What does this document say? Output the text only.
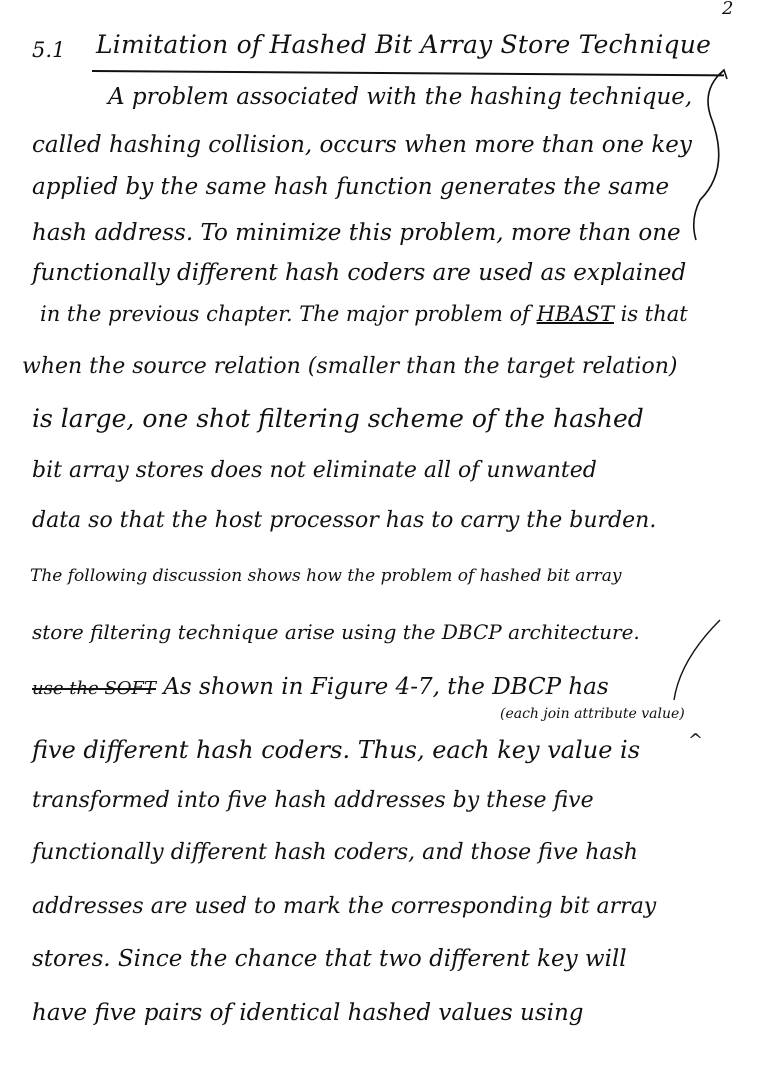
2
5.1 Limitation of Hashed Bit Array Store Technique
A problem associated with the hashing technique,
called hashing collision, occurs when more than one key
applied by the same hash function generates the same
hash address. To minimize this problem, more than one
functionally different hash coders are used as explained
in the previous chapter. The major problem of HBAST is that
when the source relation (smaller than the target relation)
is large, one shot filtering scheme of the hashed
bit array stores does not eliminate all of unwanted
data so that the host processor has to carry the burden.
The following discussion shows how the problem of hashed bit array
store filtering technique arise using the DBCP architecture.
use the SOFT As shown in Figure 4-7, the DBCP has
(each join attribute value)
^
five different hash coders. Thus, each key value is
transformed into five hash addresses by these five
functionally different hash coders, and those five hash
addresses are used to mark the corresponding bit array
stores. Since the chance that two different key will
have five pairs of identical hashed values using
